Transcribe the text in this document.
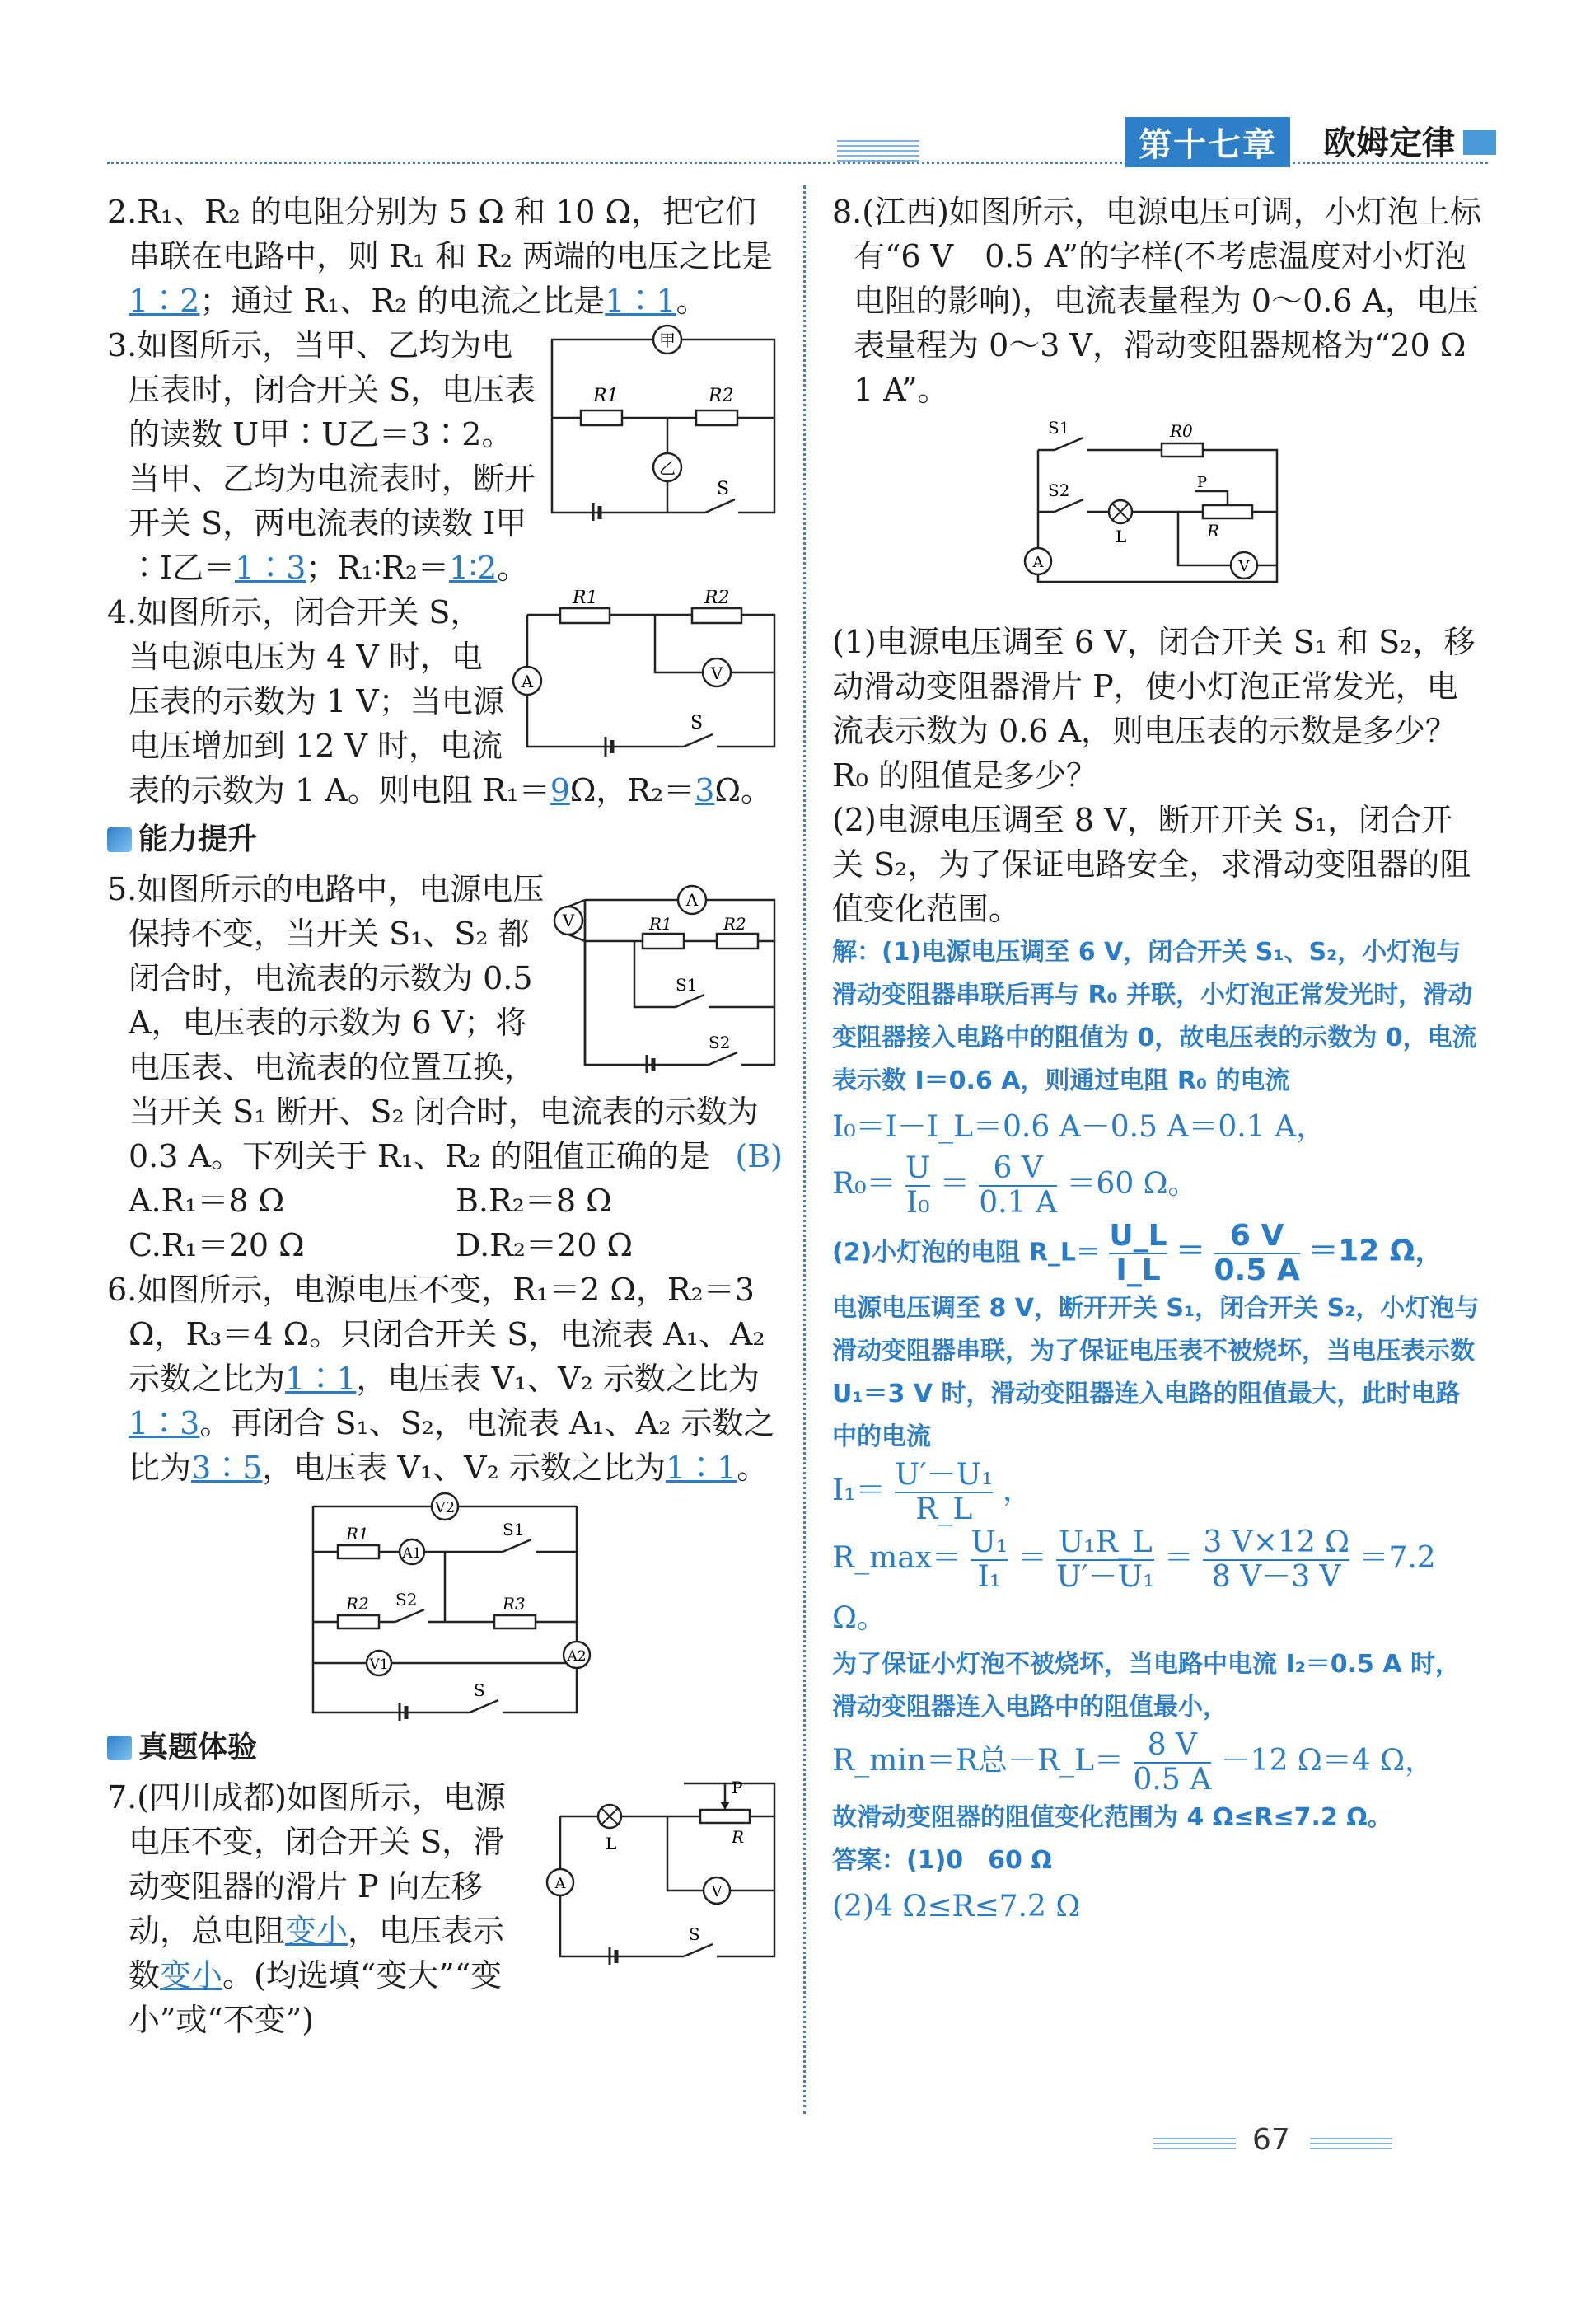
第十七章	欧姆定律

2.R₁、R₂ 的电阻分别为 5 Ω 和 10 Ω，把它们串联在电路中，则 R₁ 和 R₂ 两端的电压之比是 1∶2；通过 R₁、R₂ 的电流之比是1∶1。

甲
R1	R2
乙
S

3.如图所示，当甲、乙均为电压表时，闭合开关 S，电压表的读数 U甲∶U乙＝3∶2。当甲、乙均为电流表时，断开开关 S，两电流表的读数 I甲∶I乙＝1∶3；R₁∶R₂＝1∶2。

R1	R2
V
A
S

4.如图所示，闭合开关 S，当电源电压为 4 V 时，电压表的示数为 1 V；当电源电压增加到 12 V 时，电流表的示数为 1 A。则电阻 R₁＝9Ω，R₂＝3Ω。

能力提升
A
V	R1	R2
S1
S2

5.如图所示的电路中，电源电压保持不变，当开关 S₁、S₂ 都闭合时，电流表的示数为 0.5 A，电压表的示数为 6 V；将电压表、电流表的位置互换，当开关 S₁ 断开、S₂ 闭合时，电流表的示数为 0.3 A。下列关于 R₁、R₂ 的阻值正确的是 (B)

A.R₁＝8 Ω	B.R₂＝8 Ω
C.R₁＝20 Ω	D.R₂＝20 Ω

6.如图所示，电源电压不变，R₁＝2 Ω，R₂＝3 Ω，R₃＝4 Ω。只闭合开关 S，电流表 A₁、A₂ 示数之比为1∶1，电压表 V₁、V₂ 示数之比为1∶3。再闭合 S₁、S₂，电流表 A₁、A₂ 示数之比为3∶5，电压表 V₁、V₂ 示数之比为1∶1。

V2
R1
A1
S1
R2 S2	R3
V1	A2
S
真题体验
P
R
L
A	V
S

7.(四川成都)如图所示，电源电压不变，闭合开关 S，滑动变阻器的滑片 P 向左移动，总电阻变小，电压表示数变小。(均选填“变大”“变小”或“不变”)

8.(江西)如图所示，电源电压可调，小灯泡上标有“6 V　0.5 A”的字样(不考虑温度对小灯泡电阻的影响)，电流表量程为 0～0.6 A，电压表量程为 0～3 V，滑动变阻器规格为“20 Ω　1 A”。

S1	R0
S2	P
L	R
A	V

(1)电源电压调至 6 V，闭合开关 S₁ 和 S₂，移动滑动变阻器滑片 P，使小灯泡正常发光，电流表示数为 0.6 A，则电压表的示数是多少？R₀ 的阻值是多少？

(2)电源电压调至 8 V，断开开关 S₁，闭合开关 S₂，为了保证电路安全，求滑动变阻器的阻值变化范围。

解：(1)电源电压调至 6 V，闭合开关 S₁、S₂，小灯泡与滑动变阻器串联后再与 R₀ 并联，小灯泡正常发光时，滑动变阻器接入电路中的阻值为 0，故电压表的示数为 0，电流表示数 I＝0.6 A，则通过电阻 R₀ 的电流

I₀＝I－I_L＝0.6 A－0.5 A＝0.1 A，

$R_0= \frac{U}{\text{I₀}} = \frac{6 V}{0.1 A} =60$ Ω。

(2)小灯泡的电阻 R_L＝ $\frac{U\_L}{I\_L} = \frac{6 V}{0.5 A} =12$ Ω，

电源电压调至 8 V，断开开关 S₁，闭合开关 S₂，小灯泡与滑动变阻器串联，为了保证电压表不被烧坏，当电压表示数 U₁＝3 V 时，滑动变阻器连入电路的阻值最大，此时电路中的电流

$I_1= \frac{\text{U′－U₁}}{R\_L}$ ，

R_max＝ $\frac{\text{U₁}}{\text{I₁}} = \frac{\text{U₁R\_L}}{\text{U′－U₁}} = \frac{3 V\times 12 \Omega}{8 V-3 V} =7.2$ Ω。

为了保证小灯泡不被烧坏，当电路中电流 I₂＝0.5 A 时，滑动变阻器连入电路中的阻值最小，

R_min＝R总－R_L＝ $\frac{8 V}{0.5 A} -12$ Ω＝4 Ω，

故滑动变阻器的阻值变化范围为 4 Ω≤R≤7.2 Ω。

答案：(1)0　60 Ω

(2)4 Ω≤R≤7.2 Ω

67
